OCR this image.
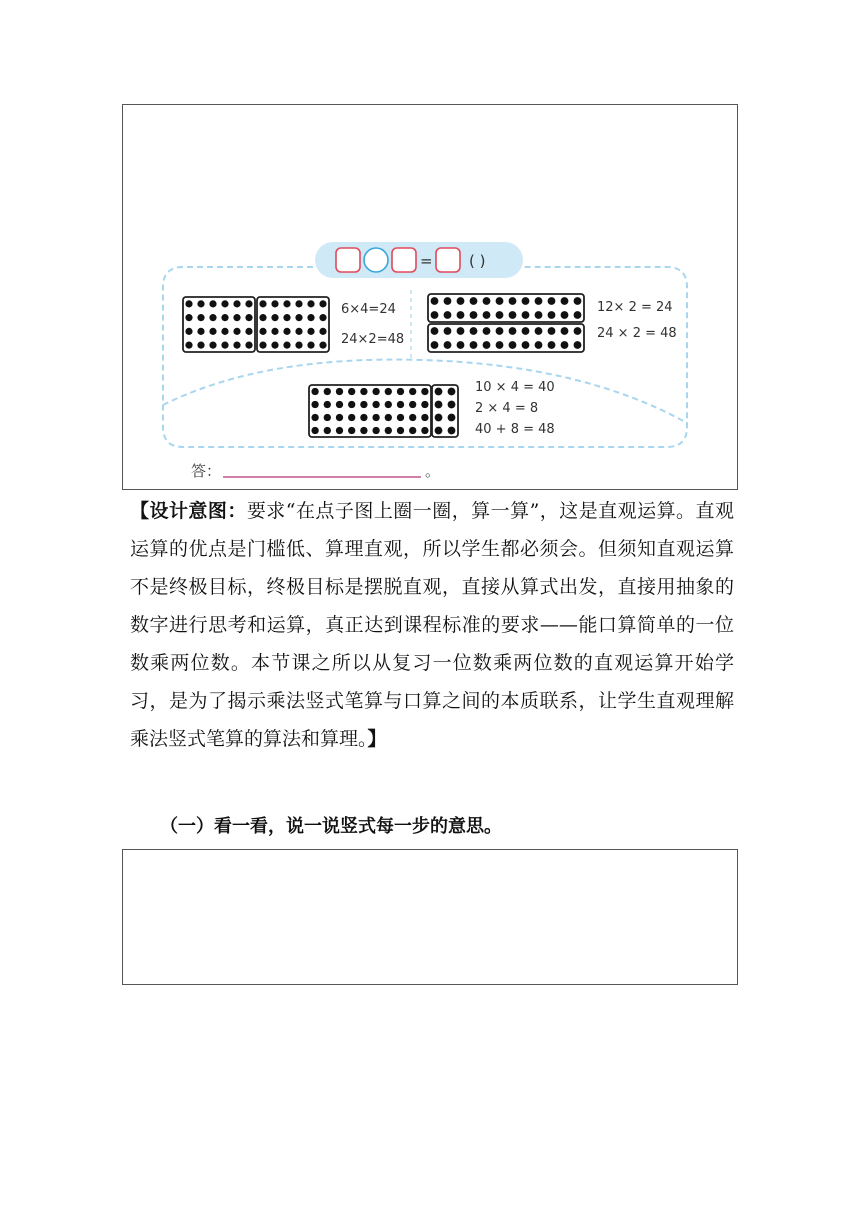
= ( )
6×4=24
24×2=48
12× 2 = 24
24 × 2 = 48
10 × 4 = 40
2 × 4 = 8
40 + 8 = 48
答：	。

【设计意图：要求“在点子图上圈一圈，算一算”，这是直观运算。直观运算的优点是门槛低、算理直观，所以学生都必须会。但须知直观运算不是终极目标，终极目标是摆脱直观，直接从算式出发，直接用抽象的数字进行思考和运算，真正达到课程标准的要求——能口算简单的一位数乘两位数。本节课之所以从复习一位数乘两位数的直观运算开始学习，是为了揭示乘法竖式笔算与口算之间的本质联系，让学生直观理解乘法竖式笔算的算法和算理。】

（一）看一看，说一说竖式每一步的意思。
